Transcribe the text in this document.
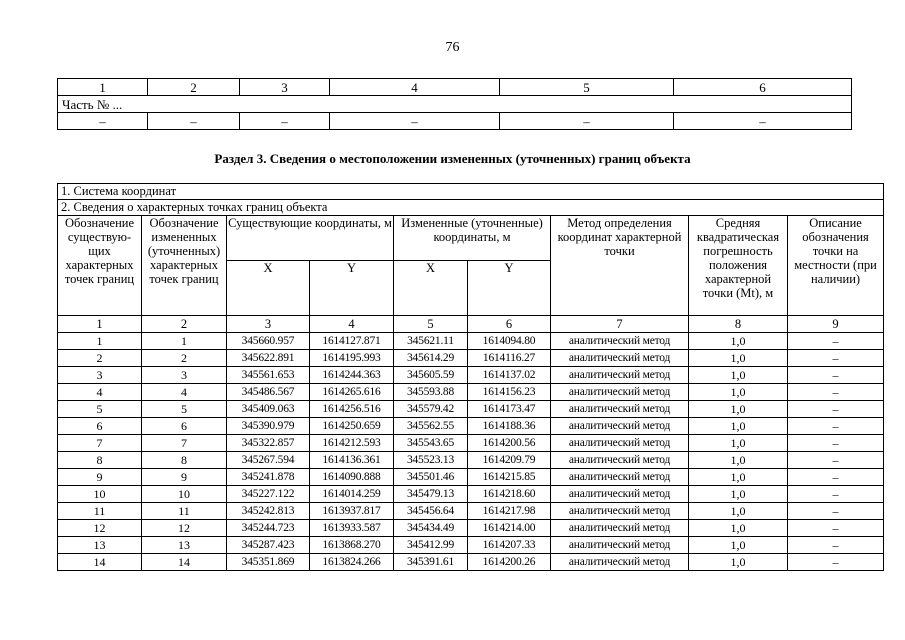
76
1	2	3	4	5	6
Часть № ...					
–	–	–	–	–	–
Раздел 3. Сведения о местоположении измененных (уточненных) границ объекта
1. Система координат								
2. Сведения о характерных точках границ объекта								
Обозначение существую-щих характерных точек границ	Обозначение измененных (уточненных) характерных точек границ	Существующие координаты, м		Измененные (уточненные) координаты, м		Метод определения координат характерной точки	Средняя квадратическая погрешность положения характерной точки (Mt), м	Описание обозначения точки на местности (при наличии)
		X	Y	X	Y			
1	2	3	4	5	6	7	8	9
1	1	345660.957	1614127.871	345621.11	1614094.80	аналитический метод	1,0	–
2	2	345622.891	1614195.993	345614.29	1614116.27	аналитический метод	1,0	–
3	3	345561.653	1614244.363	345605.59	1614137.02	аналитический метод	1,0	–
4	4	345486.567	1614265.616	345593.88	1614156.23	аналитический метод	1,0	–
5	5	345409.063	1614256.516	345579.42	1614173.47	аналитический метод	1,0	–
6	6	345390.979	1614250.659	345562.55	1614188.36	аналитический метод	1,0	–
7	7	345322.857	1614212.593	345543.65	1614200.56	аналитический метод	1,0	–
8	8	345267.594	1614136.361	345523.13	1614209.79	аналитический метод	1,0	–
9	9	345241.878	1614090.888	345501.46	1614215.85	аналитический метод	1,0	–
10	10	345227.122	1614014.259	345479.13	1614218.60	аналитический метод	1,0	–
11	11	345242.813	1613937.817	345456.64	1614217.98	аналитический метод	1,0	–
12	12	345244.723	1613933.587	345434.49	1614214.00	аналитический метод	1,0	–
13	13	345287.423	1613868.270	345412.99	1614207.33	аналитический метод	1,0	–
14	14	345351.869	1613824.266	345391.61	1614200.26	аналитический метод	1,0	–
